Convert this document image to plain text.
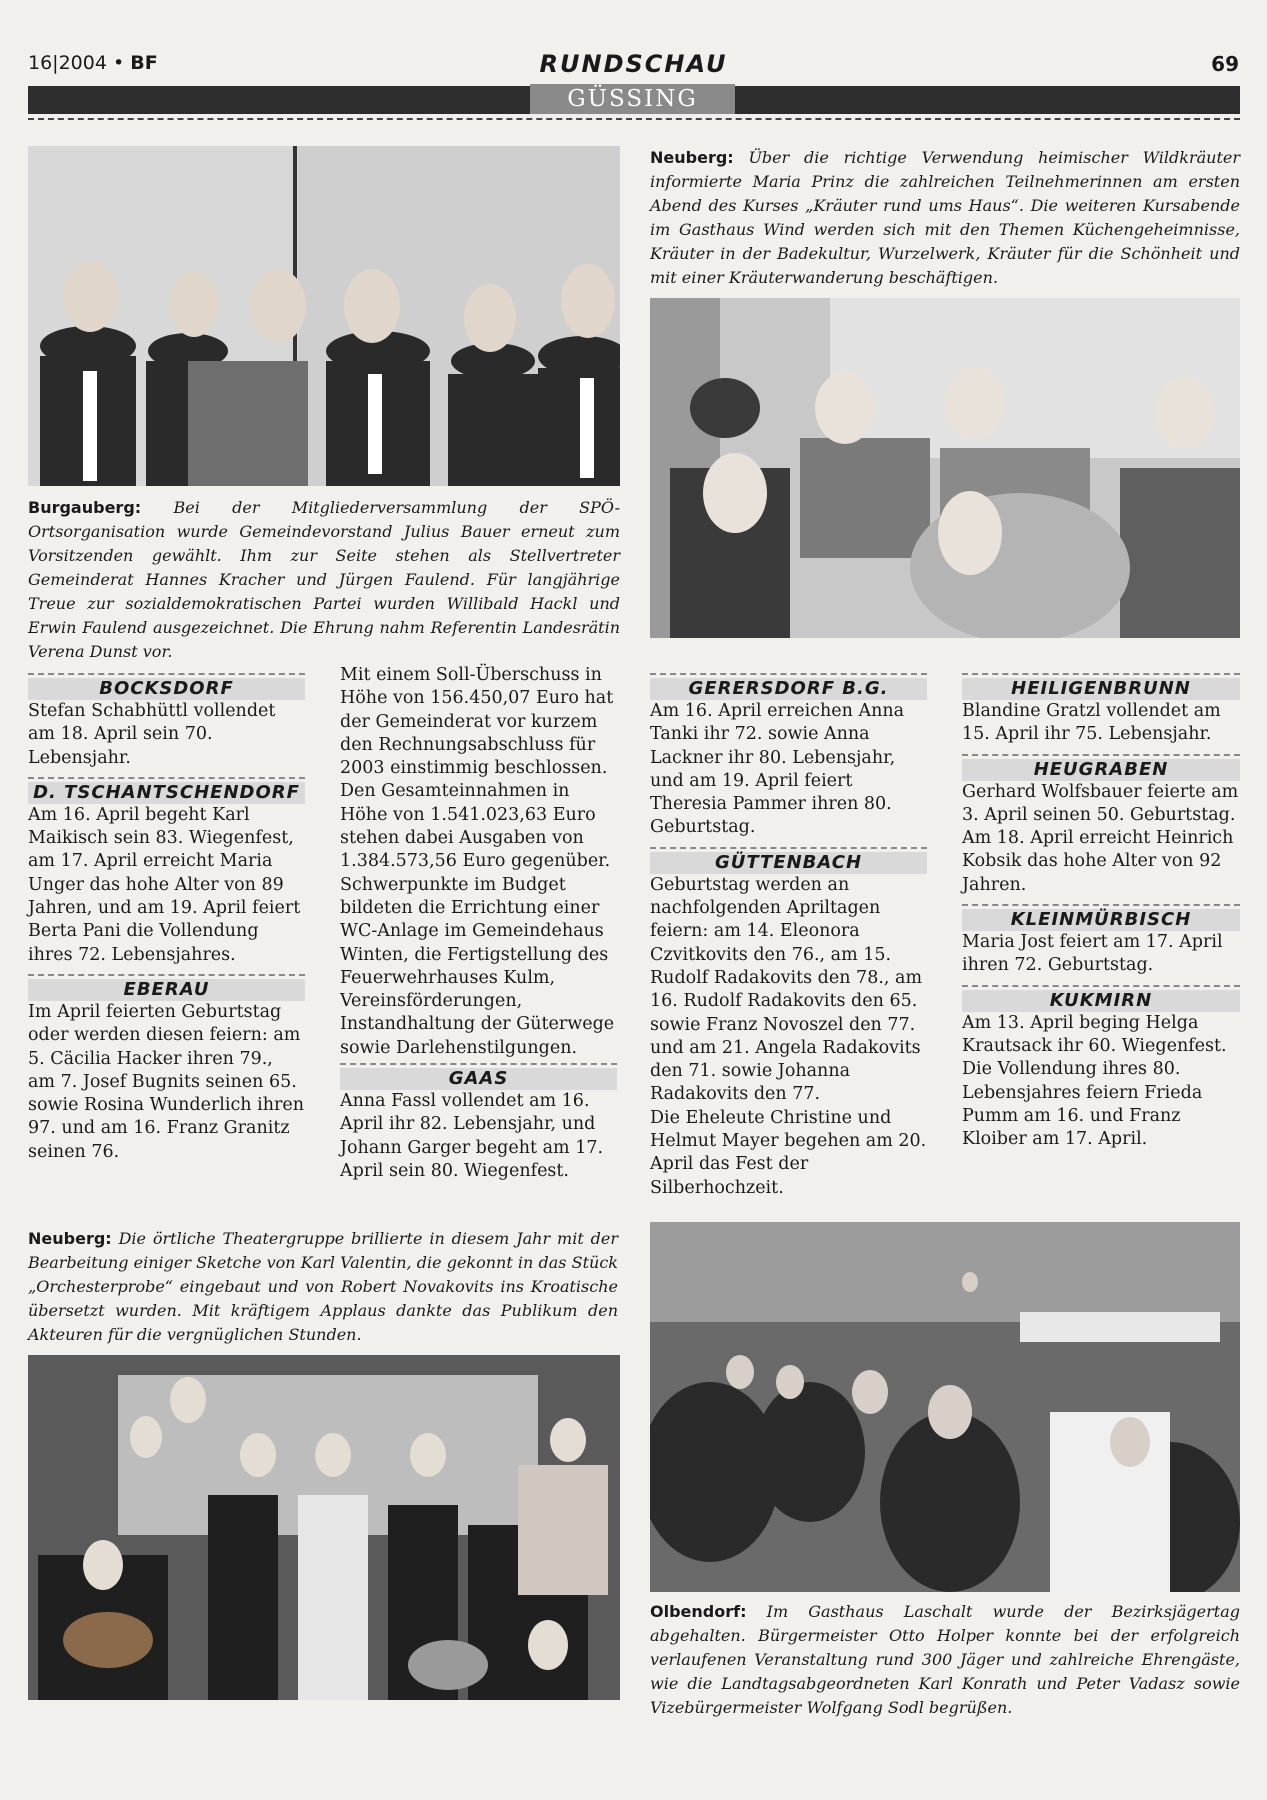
16|2004 • BF	RUNDSCHAU	69
GÜSSING
Burgauberg: Bei der Mitgliederversammlung der SPÖ-Ortsorganisation wurde Gemeindevorstand Julius Bauer erneut zum Vorsitzenden gewählt. Ihm zur Seite stehen als Stellvertreter Gemeinderat Hannes Kracher und Jürgen Faulend. Für langjährige Treue zur sozialdemokratischen Partei wurden Willibald Hackl und Erwin Faulend ausgezeichnet. Die Ehrung nahm Referentin Landesrätin Verena Dunst vor.
Neuberg: Über die richtige Verwendung heimischer Wildkräuter informierte Maria Prinz die zahlreichen Teilnehmerinnen am ersten Abend des Kurses „Kräuter rund ums Haus“. Die weiteren Kursabende im Gasthaus Wind werden sich mit den Themen Küchengeheimnisse, Kräuter in der Badekultur, Wurzelwerk, Kräuter für die Schönheit und mit einer Kräuterwanderung beschäftigen.
BOCKSDORF
Stefan Schabhüttl vollendet am 18. April sein 70. Lebensjahr.
D. TSCHANTSCHENDORF
Am 16. April begeht Karl Maikisch sein 83. Wiegenfest, am 17. April erreicht Maria Unger das hohe Alter von 89 Jahren, und am 19. April feiert Berta Pani die Vollendung ihres 72. Lebensjahres.
EBERAU
Im April feierten Geburtstag oder werden diesen feiern: am 5. Cäcilia Hacker ihren 79., am 7. Josef Bugnits seinen 65. sowie Rosina Wunderlich ihren 97. und am 16. Franz Granitz seinen 76.
Mit einem Soll-Überschuss in Höhe von 156.450,07 Euro hat der Gemeinderat vor kurzem den Rechnungsabschluss für 2003 einstimmig beschlossen. Den Gesamteinnahmen in Höhe von 1.541.023,63 Euro stehen dabei Ausgaben von 1.384.573,56 Euro gegenüber. Schwerpunkte im Budget bildeten die Errichtung einer WC-Anlage im Gemeindehaus Winten, die Fertigstellung des Feuerwehrhauses Kulm, Vereinsförderungen, Instandhaltung der Güterwege sowie Darlehenstilgungen.
GAAS
Anna Fassl vollendet am 16. April ihr 82. Lebensjahr, und Johann Garger begeht am 17. April sein 80. Wiegenfest.
GERERSDORF B.G.
Am 16. April erreichen Anna Tanki ihr 72. sowie Anna Lackner ihr 80. Lebensjahr, und am 19. April feiert Theresia Pammer ihren 80. Geburtstag.
GÜTTENBACH
Geburtstag werden an nachfolgenden Apriltagen feiern: am 14. Eleonora Czvitkovits den 76., am 15. Rudolf Radakovits den 78., am 16. Rudolf Radakovits den 65. sowie Franz Novoszel den 77. und am 21. Angela Radakovits den 71. sowie Johanna Radakovits den 77.
Die Eheleute Christine und Helmut Mayer begehen am 20. April das Fest der Silberhochzeit.
HEILIGENBRUNN
Blandine Gratzl vollendet am 15. April ihr 75. Lebensjahr.
HEUGRABEN
Gerhard Wolfsbauer feierte am 3. April seinen 50. Geburtstag. Am 18. April erreicht Heinrich Kobsik das hohe Alter von 92 Jahren.
KLEINMÜRBISCH
Maria Jost feiert am 17. April ihren 72. Geburtstag.
KUKMIRN
Am 13. April beging Helga Krautsack ihr 60. Wiegenfest. Die Vollendung ihres 80. Lebensjahres feiern Frieda Pumm am 16. und Franz Kloiber am 17. April.
Neuberg: Die örtliche Theatergruppe brillierte in diesem Jahr mit der Bearbeitung einiger Sketche von Karl Valentin, die gekonnt in das Stück „Orchesterprobe“ eingebaut und von Robert Novakovits ins Kroatische übersetzt wurden. Mit kräftigem Applaus dankte das Publikum den Akteuren für die vergnüglichen Stunden.
Olbendorf: Im Gasthaus Laschalt wurde der Bezirksjägertag abgehalten. Bürgermeister Otto Holper konnte bei der erfolgreich verlaufenen Veranstaltung rund 300 Jäger und zahlreiche Ehrengäste, wie die Landtagsabgeordneten Karl Konrath und Peter Vadasz sowie Vizebürgermeister Wolfgang Sodl begrüßen.
